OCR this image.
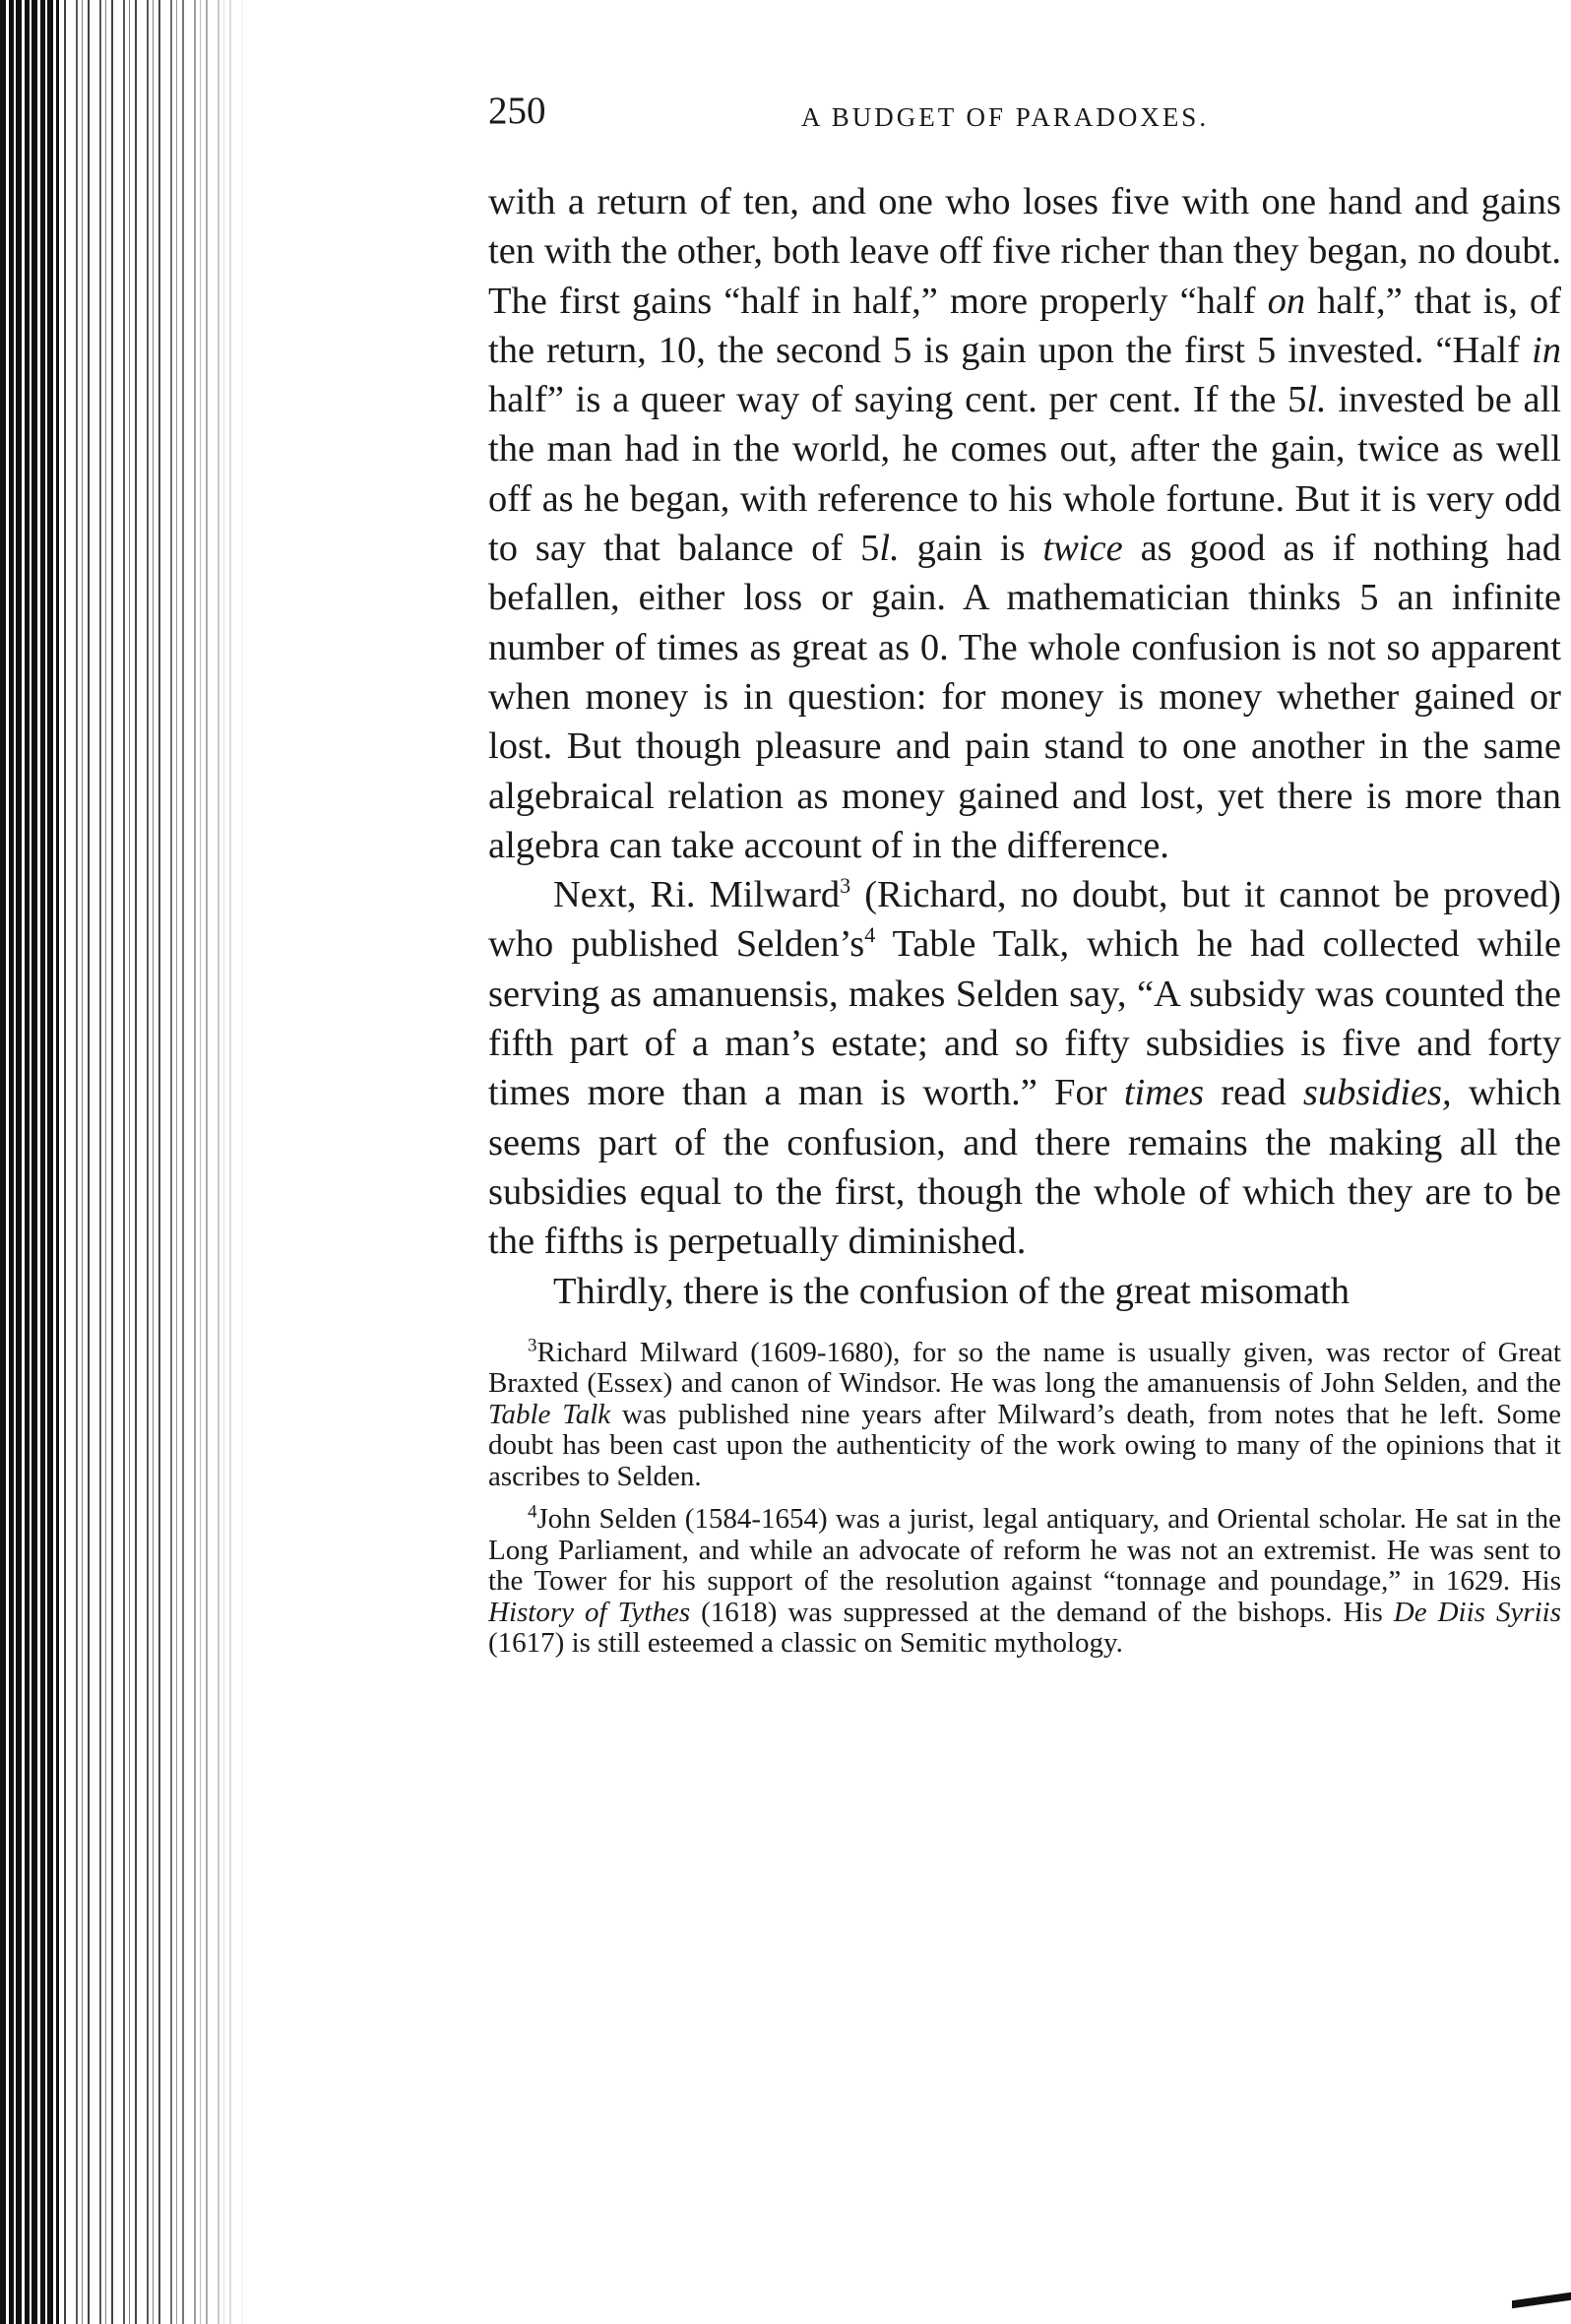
250	A BUDGET OF PARADOXES.

with a return of ten, and one who loses five with one hand and gains ten with the other, both leave off five richer than they began, no doubt. The first gains “half in half,” more properly “half on half,” that is, of the return, 10, the second 5 is gain upon the first 5 invested. “Half in half” is a queer way of saying cent. per cent. If the 5l. invested be all the man had in the world, he comes out, after the gain, twice as well off as he began, with reference to his whole fortune. But it is very odd to say that balance of 5l. gain is twice as good as if nothing had befallen, either loss or gain. A mathematician thinks 5 an infinite number of times as great as 0. The whole confusion is not so apparent when money is in question: for money is money whether gained or lost. But though pleasure and pain stand to one another in the same algebraical relation as money gained and lost, yet there is more than algebra can take account of in the difference.

Next, Ri. Milward$^3$ (Richard, no doubt, but it cannot be proved) who published $Selden’s^4$ Table Talk, which he had collected while serving as amanuensis, makes Selden say, “A subsidy was counted the fifth part of a man’s estate; and so fifty subsidies is five and forty times more than a man is worth.” For times read subsidies, which seems part of the confusion, and there remains the making all the subsidies equal to the first, though the whole of which they are to be the fifths is perpetually diminished.

Thirdly, there is the confusion of the great misomath

$^3$Richard Milward (1609-1680), for so the name is usually given, was rector of Great Braxted (Essex) and canon of Windsor. He was long the amanuensis of John Selden, and the Table Talk was published nine years after Milward’s death, from notes that he left. Some doubt has been cast upon the authenticity of the work owing to many of the opinions that it ascribes to Selden.

$^4$John Selden (1584-1654) was a jurist, legal antiquary, and Oriental scholar. He sat in the Long Parliament, and while an advocate of reform he was not an extremist. He was sent to the Tower for his support of the resolution against “tonnage and poundage,” in 1629. His History of Tythes (1618) was suppressed at the demand of the bishops. His De Diis Syriis (1617) is still esteemed a classic on Semitic mythology.
